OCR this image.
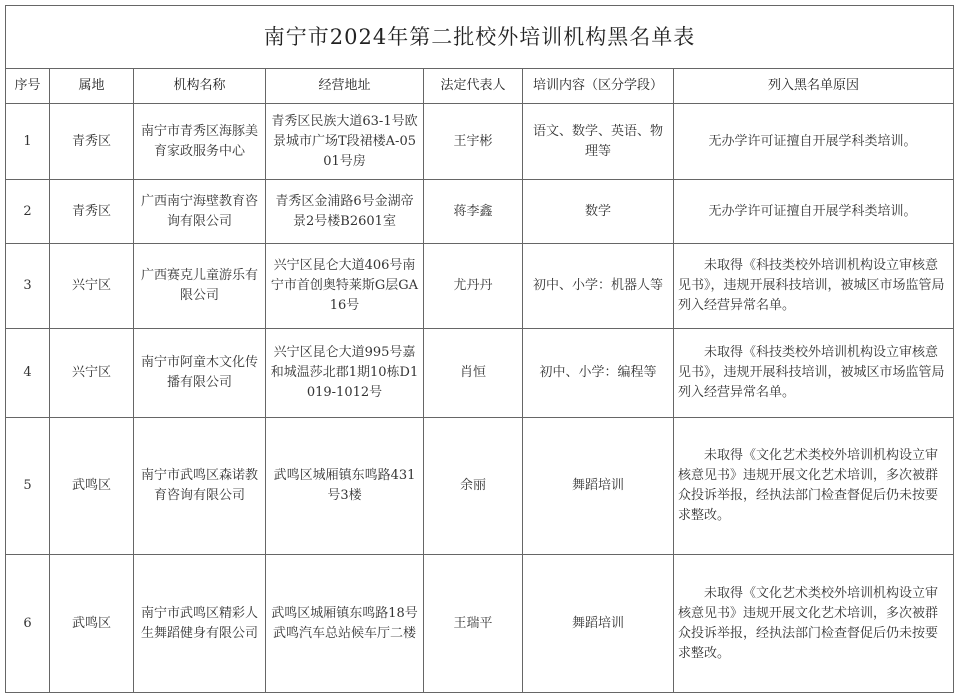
南宁市2024年第二批校外培训机构黑名单表						
序号	属地	机构名称	经营地址	法定代表人	培训内容（区分学段）	列入黑名单原因
1	青秀区	南宁市青秀区海豚美育家政服务中心	青秀区民族大道63-1号欧景城市广场T段裙楼A-0501号房	王宇彬	语文、数学、英语、物理等	无办学许可证擅自开展学科类培训。
2	青秀区	广西南宁海壁教育咨询有限公司	青秀区金浦路6号金湖帝景2号楼B2601室	蒋李鑫	数学	无办学许可证擅自开展学科类培训。
3	兴宁区	广西赛克儿童游乐有限公司	兴宁区昆仑大道406号南宁市首创奥特莱斯G层GA16号	尤丹丹	初中、小学：机器人等	未取得《科技类校外培训机构设立审核意见书》，违规开展科技培训，被城区市场监管局列入经营异常名单。
4	兴宁区	南宁市阿童木文化传播有限公司	兴宁区昆仑大道995号嘉和城温莎北郡1期10栋D1019-1012号	肖恒	初中、小学：编程等	未取得《科技类校外培训机构设立审核意见书》，违规开展科技培训，被城区市场监管局列入经营异常名单。
5	武鸣区	南宁市武鸣区森诺教育咨询有限公司	武鸣区城厢镇东鸣路431号3楼	余丽	舞蹈培训	未取得《文化艺术类校外培训机构设立审核意见书》违规开展文化艺术培训，多次被群众投诉举报，经执法部门检查督促后仍未按要求整改。
6	武鸣区	南宁市武鸣区精彩人生舞蹈健身有限公司	武鸣区城厢镇东鸣路18号武鸣汽车总站候车厅二楼	王瑞平	舞蹈培训	未取得《文化艺术类校外培训机构设立审核意见书》违规开展文化艺术培训，多次被群众投诉举报，经执法部门检查督促后仍未按要求整改。
